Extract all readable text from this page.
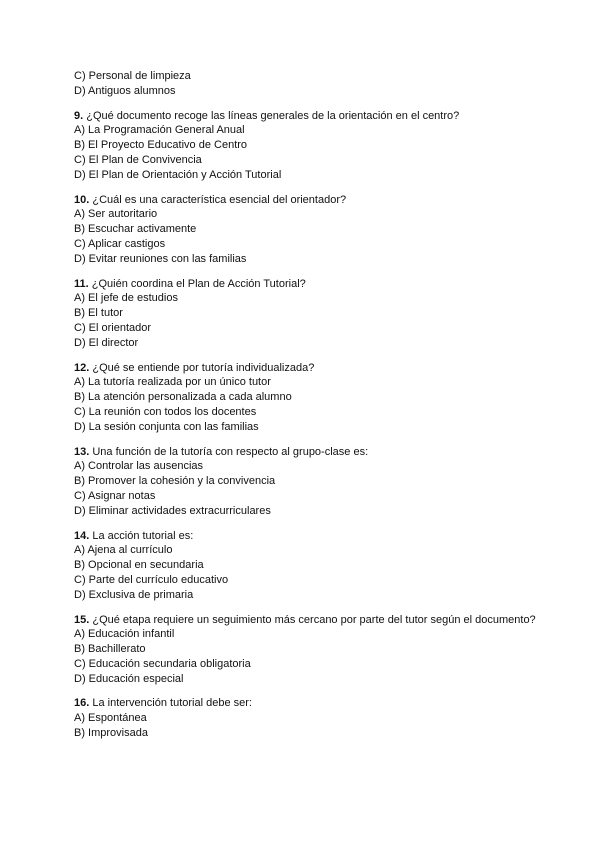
C) Personal de limpieza
D) Antiguos alumnos
9. ¿Qué documento recoge las líneas generales de la orientación en el centro?
A) La Programación General Anual
B) El Proyecto Educativo de Centro
C) El Plan de Convivencia
D) El Plan de Orientación y Acción Tutorial
10. ¿Cuál es una característica esencial del orientador?
A) Ser autoritario
B) Escuchar activamente
C) Aplicar castigos
D) Evitar reuniones con las familias
11. ¿Quién coordina el Plan de Acción Tutorial?
A) El jefe de estudios
B) El tutor
C) El orientador
D) El director
12. ¿Qué se entiende por tutoría individualizada?
A) La tutoría realizada por un único tutor
B) La atención personalizada a cada alumno
C) La reunión con todos los docentes
D) La sesión conjunta con las familias
13. Una función de la tutoría con respecto al grupo-clase es:
A) Controlar las ausencias
B) Promover la cohesión y la convivencia
C) Asignar notas
D) Eliminar actividades extracurriculares
14. La acción tutorial es:
A) Ajena al currículo
B) Opcional en secundaria
C) Parte del currículo educativo
D) Exclusiva de primaria
15. ¿Qué etapa requiere un seguimiento más cercano por parte del tutor según el documento?
A) Educación infantil
B) Bachillerato
C) Educación secundaria obligatoria
D) Educación especial
16. La intervención tutorial debe ser:
A) Espontánea
B) Improvisada
